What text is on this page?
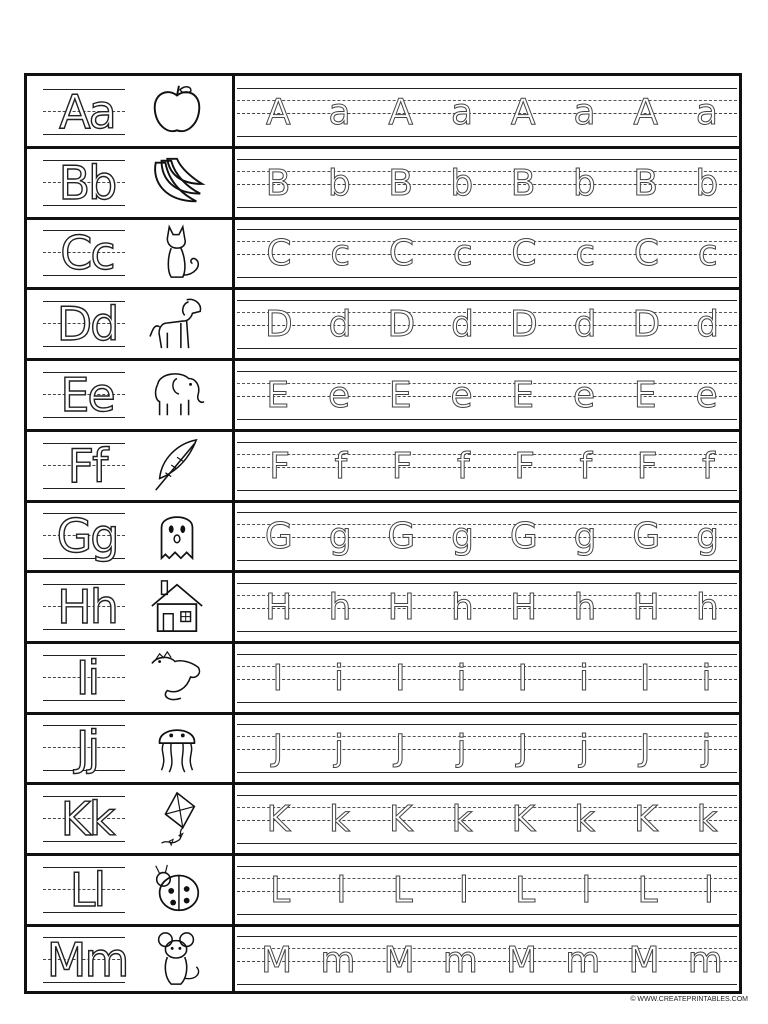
Aa	A a A a A a A a
Bb	B b B b B b B b
Cc	C c C c C c C c
Dd	D d D d D d D d
Ee	E e E e E e E e
Ff	F f F f F f F f
Gg	G g G g G g G g
Hh	H h H h H h H h
Ii	I i I i I i I i
Jj	J j J j J j J j
Kk	K k K k K k K k
Ll	L l L l L l L l
Mm	M m M m M m M m
© WWW.CREATEPRINTABLES.COM
